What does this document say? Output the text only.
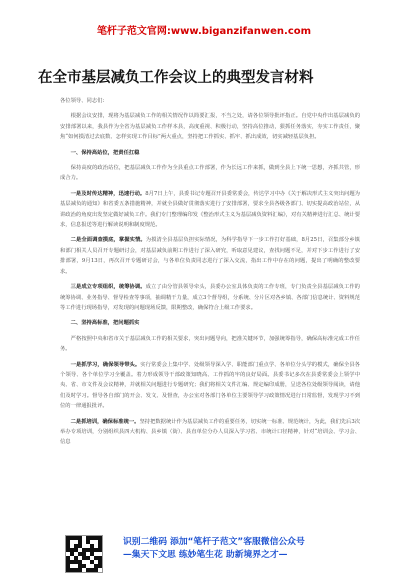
笔杆子范文官网:www.biganzifanwen.com
在全市基层减负工作会议上的典型发言材料

各位领导、同志们:

根据会议安排，现将为基层减负工作的相关情况作以简要汇报，不当之处，请各位领导批评指正。自党中央作出基层减负的安排部署以来，我县作为全省为基层减负工作样本县，高度重视、积极行动，坚持高位推动，狠抓任务落实，夯实工作责任，聚焦“如何摸清过去底数、怎样实现工作目标”两大重点，坚持把工作抓实、抓牢、抓出成效，切实减轻基层负担。

一、保持高站位，把责任扛稳

保持高度的政治站位，把基层减负工作作为全县重点工作部署，作为长远工作来抓，做到全县上下统一思想，齐抓共管，形成合力。

一是及时传达精神，迅速行动。8月7日上午，县委书记专题召开县委常委会，传达学习中办《关于解决形式主义突出问题为基层减负的通知》和省委五条措施精神，并就全县做好贯彻落实进行了安排部署，要求全县各级各部门、切实提高政治站位，从讲政治的角度出发坚定做好减负工作。我们专门整理编印发《整治形式主义为基层减负资料汇编》，对有关精神进行汇总、统计要求，信息报送等进行解读说明和制度规范。

二是全面调查摸底，掌握实情。为摸清全县基层负担实际情况，为科学指导下一步工作打好基础，8月25日，召集部分乡镇和部门相关人员召开专题研讨会，对基层减负前期工作进行了深入研究，听取意见建议，查找问题不足，并对下步工作进行了安排部署，9月13日，再次召开专题研讨会，与各单位负责同志进行了深入交流，指出工作中存在的问题，提出了明确的整改要求。

三是成立专项组织，统筹协调。成立了由分管县领导牵头，县委办公室具体负责的工作专班，专门负责全县基层减负工作的统筹协调、业务指导、督导检查等事项，抽调精干力量，成立3个督导组，分系统、分片区对各乡镇、各部门信息统计、资料规范等工作进行现场指导，对发现的问题现场反馈，限期整改，确保符合上级工作要求。

二、坚持高标准，把问题抓实

严格按照中央和省市关于基层减负工作的相关要求，突出问题导向，把准关键环节，加强统筹指导，确保高标准完成工作任务。

一是抓学习，确保领导带头。实行常委会上集中学、处级领导深入学、职能部门重点学、各单位分头学的模式，确保全县各个领导、各个单位学习全覆盖。着力形成领导干部政策知晓高、工作抓的牢的良好局面。县委书记多次在县委常委会上领学中央、省、市文件及会议精神，并就相关问题进行专题研究；我们将相关文件汇编、规定编印成册，呈送各位处级领导阅读，请他们及时学习。督导各自部门的开会、发文、及督查，办公室对各部门各单位主要领导学习政策情况进行日常监督，发现学习不到位的一律通报批评。

二是抓培训，确保标准统一。坚持把数据统计作为基层减负工作的重要任务，切实统一标准、规范统计，为此，我们先后3次举办专项培训，分别组织县四大机构、县乡镇（街）、县直单位分办人员深入学习省、市统计口径精神，针对“培训会、学习会、信息

识别二维码 添加“笔杆子范文”客服微信公众号
—集天下文思 练妙笔生花 助新境界之才—
